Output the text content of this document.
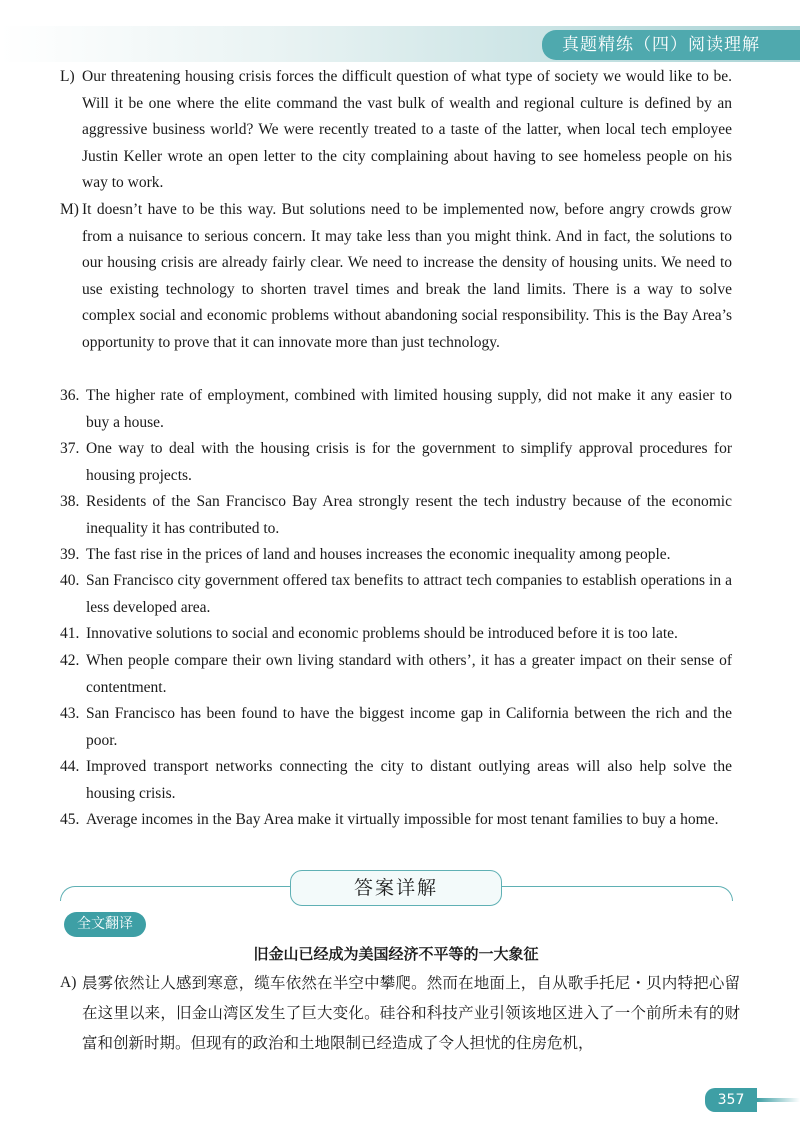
真题精练（四）阅读理解
L) Our threatening housing crisis forces the difficult question of what type of society we would like to be. Will it be one where the elite command the vast bulk of wealth and regional culture is defined by an aggressive business world? We were recently treated to a taste of the latter, when local tech employee Justin Keller wrote an open letter to the city complaining about having to see homeless people on his way to work.
M) It doesn’t have to be this way. But solutions need to be implemented now, before angry crowds grow from a nuisance to serious concern. It may take less than you might think. And in fact, the solutions to our housing crisis are already fairly clear. We need to increase the density of housing units. We need to use existing technology to shorten travel times and break the land limits. There is a way to solve complex social and economic problems without abandoning social responsibility. This is the Bay Area’s opportunity to prove that it can innovate more than just technology.
36. The higher rate of employment, combined with limited housing supply, did not make it any easier to buy a house.
37. One way to deal with the housing crisis is for the government to simplify approval procedures for housing projects.
38. Residents of the San Francisco Bay Area strongly resent the tech industry because of the economic inequality it has contributed to.
39. The fast rise in the prices of land and houses increases the economic inequality among people.
40. San Francisco city government offered tax benefits to attract tech companies to establish operations in a less developed area.
41. Innovative solutions to social and economic problems should be introduced before it is too late.
42. When people compare their own living standard with others’, it has a greater impact on their sense of contentment.
43. San Francisco has been found to have the biggest income gap in California between the rich and the poor.
44. Improved transport networks connecting the city to distant outlying areas will also help solve the housing crisis.
45. Average incomes in the Bay Area make it virtually impossible for most tenant families to buy a home.
答案详解
全文翻译
旧金山已经成为美国经济不平等的一大象征
A) 晨雾依然让人感到寒意，缆车依然在半空中攀爬。然而在地面上，自从歌手托尼・贝内特把心留在这里以来，旧金山湾区发生了巨大变化。硅谷和科技产业引领该地区进入了一个前所未有的财富和创新时期。但现有的政治和土地限制已经造成了令人担忧的住房危机，
357
